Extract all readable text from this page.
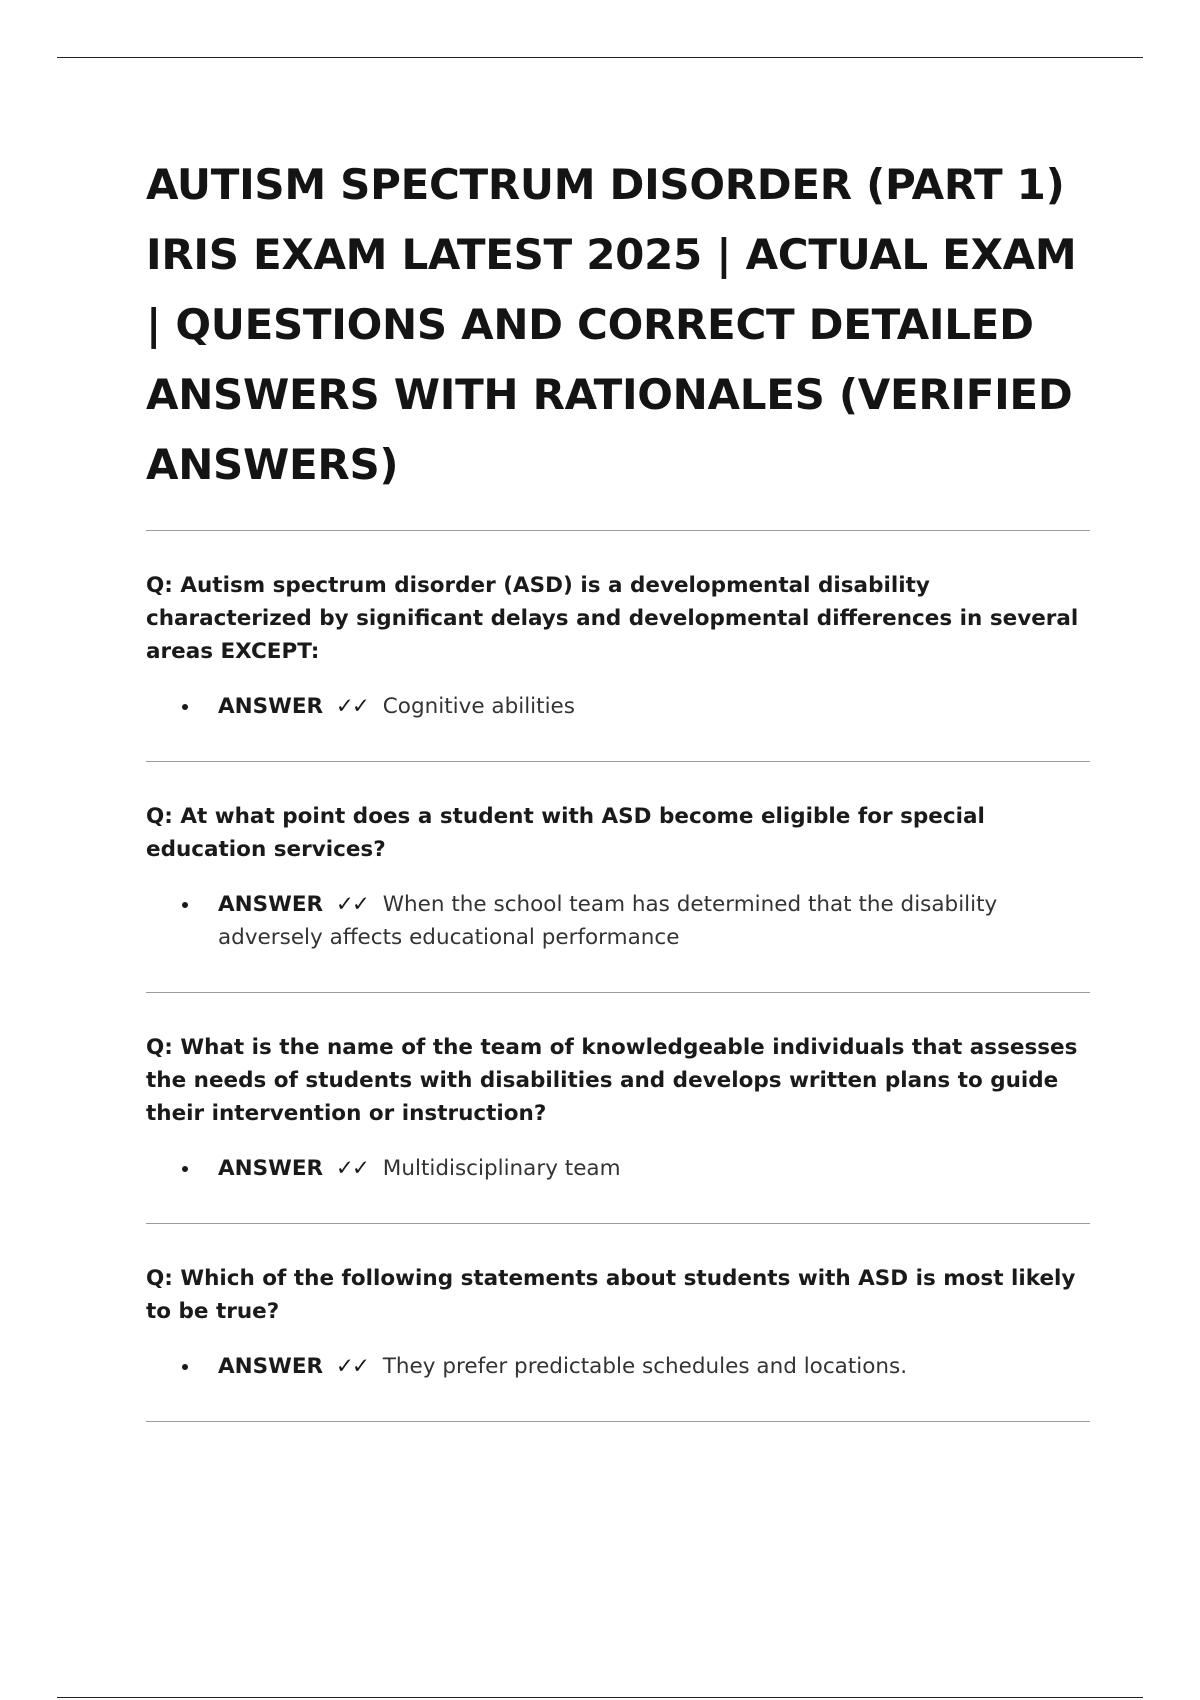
AUTISM SPECTRUM DISORDER (PART 1) IRIS EXAM LATEST 2025 | ACTUAL EXAM | QUESTIONS AND CORRECT DETAILED ANSWERS WITH RATIONALES (VERIFIED ANSWERS)

Q: Autism spectrum disorder (ASD) is a developmental disability characterized by significant delays and developmental differences in several areas EXCEPT:

ANSWER ✓✓ Cognitive abilities

Q: At what point does a student with ASD become eligible for special education services?

ANSWER ✓✓ When the school team has determined that the disability adversely affects educational performance

Q: What is the name of the team of knowledgeable individuals that assesses the needs of students with disabilities and develops written plans to guide their intervention or instruction?

ANSWER ✓✓ Multidisciplinary team

Q: Which of the following statements about students with ASD is most likely to be true?

ANSWER ✓✓ They prefer predictable schedules and locations.
